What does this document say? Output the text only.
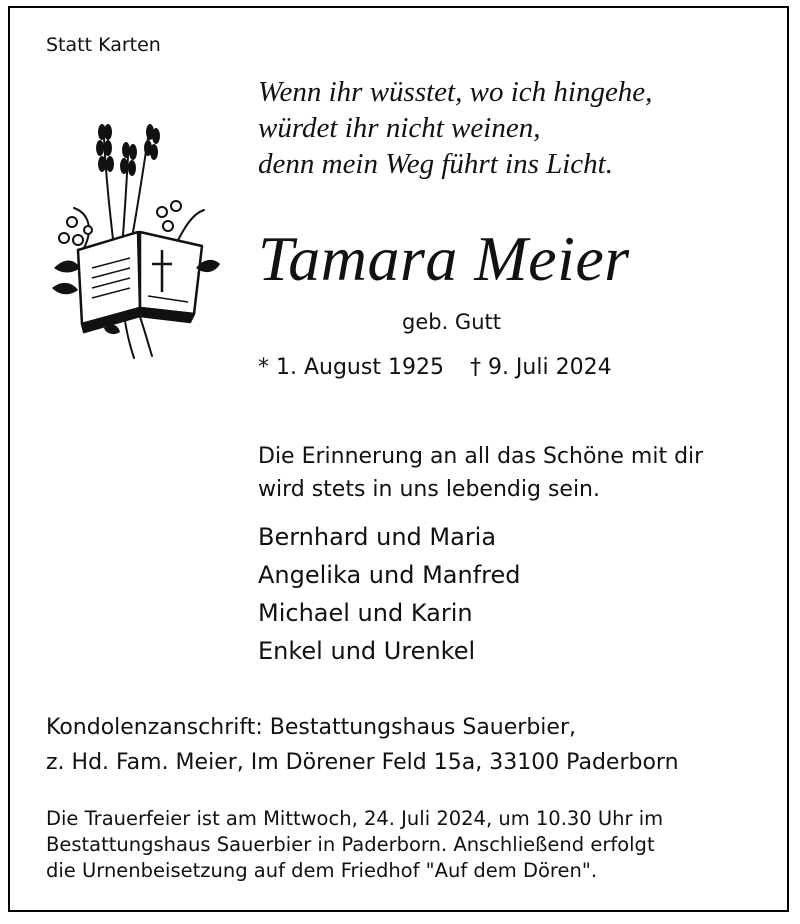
Statt Karten

Wenn ihr wüsstet, wo ich hingehe,
würdet ihr nicht weinen,
denn mein Weg führt ins Licht.

Tamara Meier

geb. Gutt

* 1. August 1925 † 9. Juli 2024

Die Erinnerung an all das Schöne mit dir
wird stets in uns lebendig sein.
Bernhard und Maria
Angelika und Manfred
Michael und Karin
Enkel und Urenkel
Kondolenzanschrift: Bestattungshaus Sauerbier,
z. Hd. Fam. Meier, Im Dörener Feld 15a, 33100 Paderborn
Die Trauerfeier ist am Mittwoch, 24. Juli 2024, um 10.30 Uhr im
Bestattungshaus Sauerbier in Paderborn. Anschließend erfolgt
die Urnenbeisetzung auf dem Friedhof "Auf dem Dören".
